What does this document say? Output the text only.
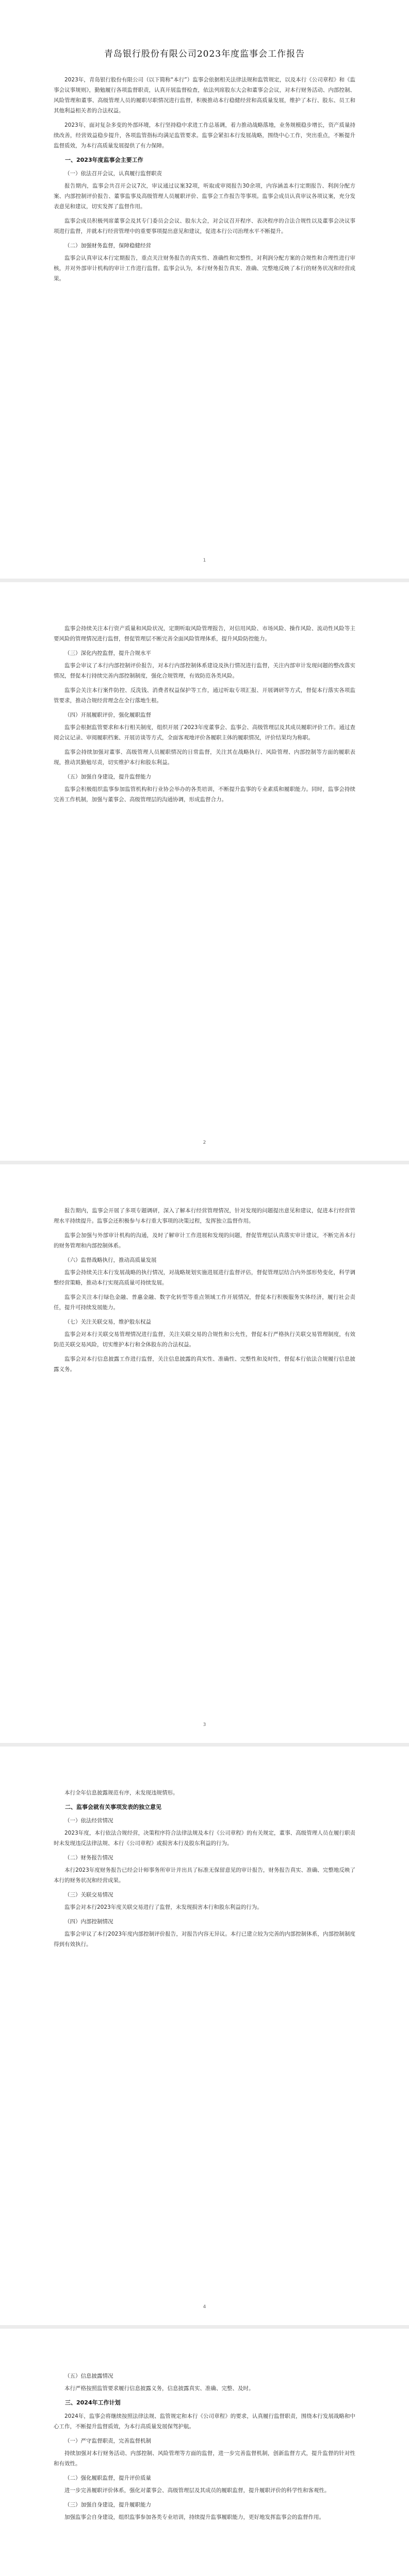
青岛银行股份有限公司2023年度监事会工作报告

2023年，青岛银行股份有限公司（以下简称“本行”）监事会依据相关法律法规和监管规定，以及本行《公司章程》和《监事会议事规则》，勤勉履行各项监督职责，认真开展监督检查，依法列席股东大会和董事会会议，对本行财务活动、内部控制、风险管理和董事、高级管理人员的履职尽职情况进行监督，积极推动本行稳健经营和高质量发展，维护了本行、股东、员工和其他利益相关者的合法权益。

2023年，面对复杂多变的外部环境，本行坚持稳中求进工作总基调，着力推动战略落地，业务规模稳步增长，资产质量持续改善，经营效益稳步提升，各项监管指标均满足监管要求。监事会紧扣本行发展战略，围绕中心工作，突出重点，不断提升监督质效，为本行高质量发展提供了有力保障。

一、2023年度监事会主要工作
（一）依法召开会议，认真履行监督职责

报告期内，监事会共召开会议7次，审议通过议案32项，听取或审阅报告30余项，内容涵盖本行定期报告、利润分配方案、内部控制评价报告、董事监事及高级管理人员履职评价、监事会工作报告等事项。监事会成员认真审议各项议案，充分发表意见和建议，切实发挥了监督作用。

监事会成员积极列席董事会及其专门委员会会议、股东大会，对会议召开程序、表决程序的合法合规性以及董事会决议事项进行监督，并就本行经营管理中的重要事项提出意见和建议，促进本行公司治理水平不断提升。

（二）加强财务监督，保障稳健经营

监事会认真审议本行定期报告，重点关注财务报告的真实性、准确性和完整性，对利润分配方案的合规性和合理性进行审核，并对外部审计机构的审计工作进行监督。监事会认为，本行财务报告真实、准确、完整地反映了本行的财务状况和经营成果。

1

监事会持续关注本行资产质量和风险状况，定期听取风险管理报告，对信用风险、市场风险、操作风险、流动性风险等主要风险的管理情况进行监督，督促管理层不断完善全面风险管理体系，提升风险防控能力。

（三）深化内控监督，提升合规水平

监事会审议了本行内部控制评价报告，对本行内部控制体系建设及执行情况进行监督，关注内部审计发现问题的整改落实情况，督促本行持续完善内部控制制度，强化合规管理，有效防范各类风险。

监事会关注本行案件防控、反洗钱、消费者权益保护等工作，通过听取专项汇报、开展调研等方式，督促本行落实各项监管要求，推动合规经营理念在全行落地生根。

（四）开展履职评价，强化履职监督

监事会根据监管要求和本行相关制度，组织开展了2023年度董事会、监事会、高级管理层及其成员履职评价工作。通过查阅会议记录、审阅履职档案、开展访谈等方式，全面客观地评价各履职主体的履职情况，评价结果均为称职。

监事会持续加强对董事、高级管理人员履职情况的日常监督，关注其在战略执行、风险管理、内部控制等方面的履职表现，推动其勤勉尽责，切实维护本行和股东利益。

（五）加强自身建设，提升监督能力

监事会积极组织监事参加监管机构和行业协会举办的各类培训，不断提升监事的专业素质和履职能力。同时，监事会持续完善工作机制，加强与董事会、高级管理层的沟通协调，形成监督合力。

2

报告期内，监事会开展了多项专题调研，深入了解本行经营管理情况，针对发现的问题提出意见和建议，促进本行经营管理水平持续提升。监事会还积极参与本行重大事项的决策过程，发挥独立监督作用。

监事会加强与外部审计机构的沟通，及时了解审计工作进展和发现的问题，督促管理层认真落实审计建议，不断完善本行的财务管理和内部控制体系。

（六）监督战略执行，推动高质量发展

监事会持续关注本行发展战略的执行情况，对战略规划实施进展进行监督评估，督促管理层结合内外部形势变化，科学调整经营策略，推动本行实现高质量可持续发展。

监事会关注本行绿色金融、普惠金融、数字化转型等重点领域工作开展情况，督促本行积极服务实体经济，履行社会责任，提升可持续发展能力。

（七）关注关联交易，维护股东权益

监事会对本行关联交易管理情况进行监督，关注关联交易的合规性和公允性，督促本行严格执行关联交易管理制度，有效防范关联交易风险，切实维护本行和全体股东的合法权益。

监事会对本行信息披露工作进行监督，关注信息披露的真实性、准确性、完整性和及时性，督促本行依法合规履行信息披露义务。

3

本行全年信息披露规范有序，未发现违规情形。

二、监事会就有关事项发表的独立意见
（一）依法经营情况

2023年度，本行依法合规经营，决策程序符合法律法规及本行《公司章程》的有关规定，董事、高级管理人员在履行职责时未发现违反法律法规、本行《公司章程》或损害本行及股东利益的行为。

（二）财务报告情况

本行2023年度财务报告已经会计师事务所审计并出具了标准无保留意见的审计报告，财务报告真实、准确、完整地反映了本行的财务状况和经营成果。

（三）关联交易情况

监事会对本行2023年度关联交易进行了监督，未发现损害本行和股东利益的行为。

（四）内部控制情况

监事会审议了本行2023年度内部控制评价报告，对报告内容无异议。本行已建立较为完善的内部控制体系，内部控制制度得到有效执行。

4
（五）信息披露情况

本行严格按照监管要求履行信息披露义务，信息披露真实、准确、完整、及时。

三、2024年工作计划

2024年，监事会将继续按照法律法规、监管规定和本行《公司章程》的要求，认真履行监督职责，围绕本行发展战略和中心工作，不断提升监督质效，为本行高质量发展保驾护航。

（一）严守监督职责，完善监督机制

持续加强对本行财务活动、内部控制、风险管理等方面的监督，进一步完善监督机制，创新监督方式，提升监督的针对性和有效性。

（二）强化履职监督，提升评价质量

进一步完善履职评价体系，强化对董事会、高级管理层及其成员的履职监督，提升履职评价的科学性和客观性。

（三）加强自身建设，提升履职能力

加强监事会自身建设，组织监事参加各类专业培训，持续提升监事履职能力，更好地发挥监事会的监督作用。
